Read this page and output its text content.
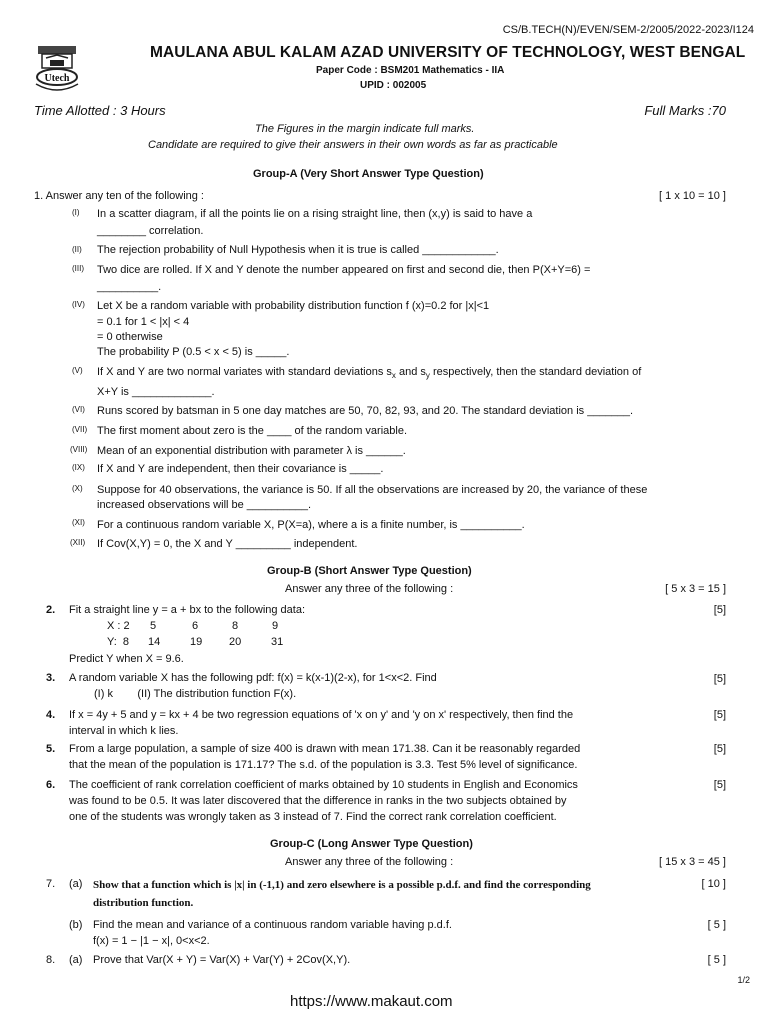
CS/B.TECH(N)/EVEN/SEM-2/2005/2022-2023/I124
Utech
MAULANA ABUL KALAM AZAD UNIVERSITY OF TECHNOLOGY, WEST BENGAL
Paper Code : BSM201 Mathematics - IIA
UPID : 002005
Time Allotted : 3 Hours	Full Marks :70
The Figures in the margin indicate full marks.
Candidate are required to give their answers in their own words as far as practicable
Group-A (Very Short Answer Type Question)
1. Answer any ten of the following :	[ 1 x 10 = 10 ]
(I) In a scatter diagram, if all the points lie on a rising straight line, then (x,y) is said to have a
________ correlation.
(II) The rejection probability of Null Hypothesis when it is true is called ____________.
(III) Two dice are rolled. If X and Y denote the number appeared on first and second die, then P(X+Y=6) =
__________.
(IV) Let X be a random variable with probability distribution function f (x)=0.2 for |x|<1
= 0.1 for 1 < |x| < 4
= 0 otherwise
The probability P (0.5 < x < 5) is _____.
(V) If X and Y are two normal variates with standard deviations $s_x$ and $s_y$ respectively, then the standard deviation of
X+Y is _____________.
(VI) Runs scored by batsman in 5 one day matches are 50, 70, 82, 93, and 20. The standard deviation is _______.
(VII) The first moment about zero is the ____ of the random variable.
(VIII) Mean of an exponential distribution with parameter λ is ______.
(IX) If X and Y are independent, then their covariance is _____.
(X) Suppose for 40 observations, the variance is 50. If all the observations are increased by 20, the variance of these
increased observations will be __________.
(XI) For a continuous random variable X, P(X=a), where a is a finite number, is __________.
(XII) If Cov(X,Y) = 0, the X and Y _________ independent.
Group-B (Short Answer Type Question)
Answer any three of the following :	[ 5 x 3 = 15 ]
2. Fit a straight line y = a + bx to the following data:	[5]
X : 2 5	6	8	9
Y:  8 14	19 20	31
Predict Y when X = 9.6.
3. A random variable X has the following pdf: f(x) = k(x-1)(2-x), for 1<x<2. Find
(I) k        (II) The distribution function F(x).
[5]
4. If x = 4y + 5 and y = kx + 4 be two regression equations of 'x on y' and 'y on x' respectively, then find the
interval in which k lies.
[5]
5. From a large population, a sample of size 400 is drawn with mean 171.38. Can it be reasonably regarded
that the mean of the population is 171.17? The s.d. of the population is 3.3. Test 5% level of significance.
[5]
6. The coefficient of rank correlation coefficient of marks obtained by 10 students in English and Economics
was found to be 0.5. It was later discovered that the difference in ranks in the two subjects obtained by
one of the students was wrongly taken as 3 instead of 7. Find the correct rank correlation coefficient.
[5]
Group-C (Long Answer Type Question)
Answer any three of the following :	[ 15 x 3 = 45 ]
7. (a) Show that a function which is |x| in (-1,1) and zero elsewhere is a possible p.d.f. and find the corresponding
distribution function.
[ 10 ]
(b) Find the mean and variance of a continuous random variable having p.d.f.
f(x) = 1 − |1 − x|, 0<x<2.
[ 5 ]
8. (a) Prove that Var(X + Y) = Var(X) + Var(Y) + 2Cov(X,Y).	[ 5 ]
1/2
https://www.makaut.com
